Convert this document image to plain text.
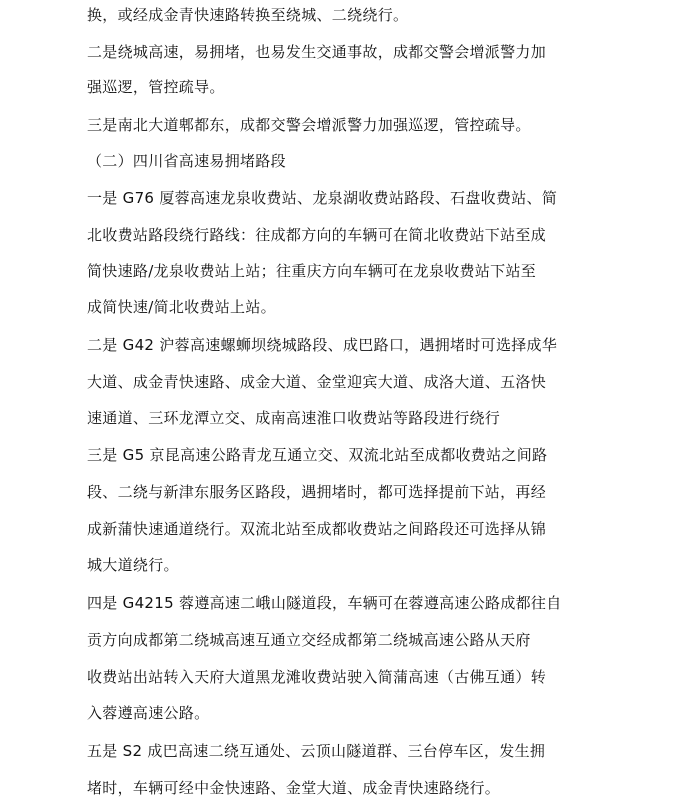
换，或经成金青快速路转换至绕城、二绕绕行。
二是绕城高速，易拥堵，也易发生交通事故，成都交警会增派警力加
强巡逻，管控疏导。
三是南北大道郫都东，成都交警会增派警力加强巡逻，管控疏导。
（二）四川省高速易拥堵路段
一是 G76 厦蓉高速龙泉收费站、龙泉湖收费站路段、石盘收费站、简
北收费站路段绕行路线：往成都方向的车辆可在简北收费站下站至成
简快速路/龙泉收费站上站；往重庆方向车辆可在龙泉收费站下站至
成简快速/简北收费站上站。
二是 G42 沪蓉高速螺蛳坝绕城路段、成巴路口，遇拥堵时可选择成华
大道、成金青快速路、成金大道、金堂迎宾大道、成洛大道、五洛快
速通道、三环龙潭立交、成南高速淮口收费站等路段进行绕行
三是 G5 京昆高速公路青龙互通立交、双流北站至成都收费站之间路
段、二绕与新津东服务区路段，遇拥堵时，都可选择提前下站，再经
成新蒲快速通道绕行。双流北站至成都收费站之间路段还可选择从锦
城大道绕行。
四是 G4215 蓉遵高速二峨山隧道段，车辆可在蓉遵高速公路成都往自
贡方向成都第二绕城高速互通立交经成都第二绕城高速公路从天府
收费站出站转入天府大道黑龙滩收费站驶入简蒲高速（古佛互通）转
入蓉遵高速公路。
五是 S2 成巴高速二绕互通处、云顶山隧道群、三台停车区，发生拥
堵时，车辆可经中金快速路、金堂大道、成金青快速路绕行。
